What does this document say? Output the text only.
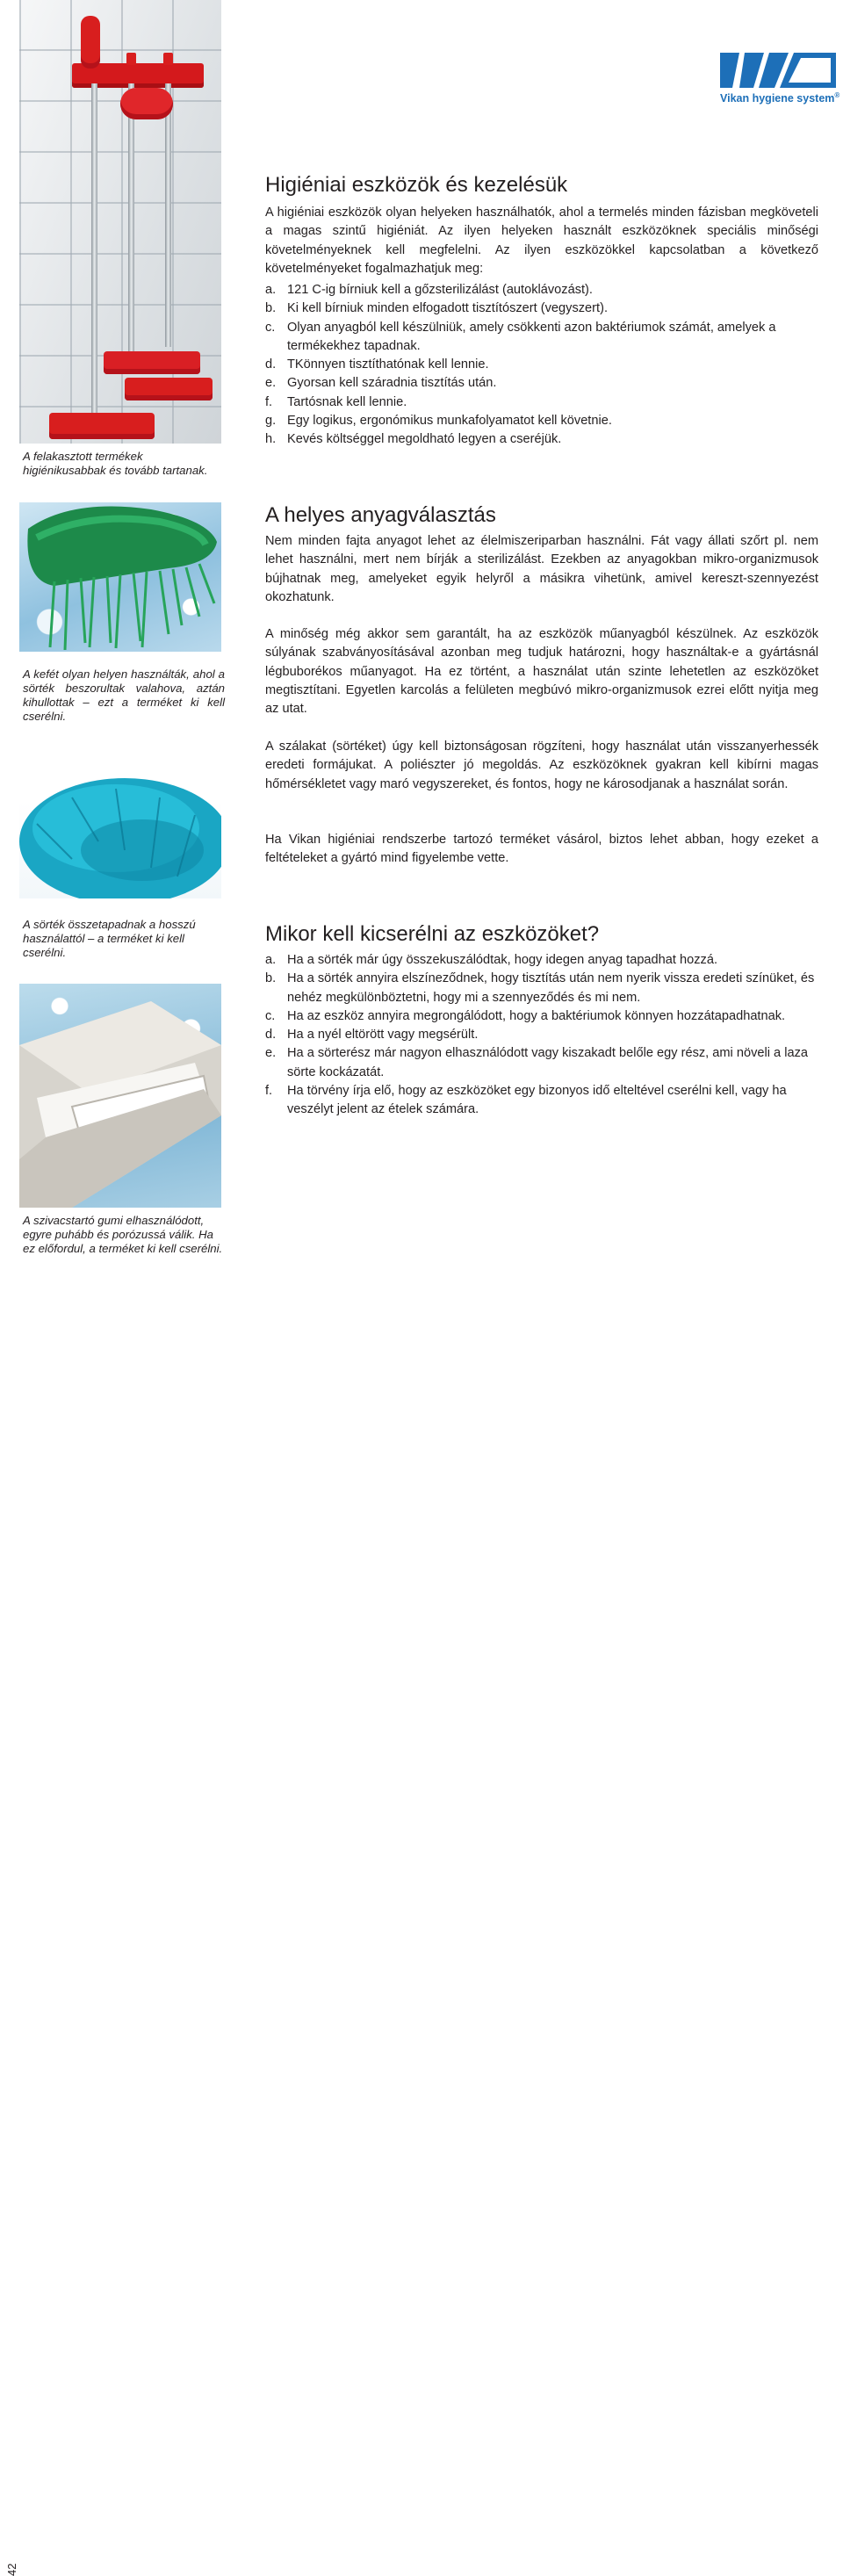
A felakasztott termékek higiénikusabbak és tovább tartanak.
A kefét olyan helyen használták, ahol a sörték beszorultak valahova, aztán kihullottak – ezt a terméket ki kell cserélni.
A sörték összetapadnak a hosszú használattól – a terméket ki kell cserélni.
A szivacstartó gumi elhasználódott, egyre puhább és porózussá válik. Ha ez előfordul, a terméket ki kell cserélni.
Vikan hygiene system®
Higiéniai eszközök és kezelésük
A higiéniai eszközök olyan helyeken használhatók, ahol a termelés minden fázisban megköveteli a magas szintű higiéniát. Az ilyen helyeken használt eszközöknek speciális minőségi követelményeknek kell megfelelni. Az ilyen eszközökkel kapcsolatban a következő követelményeket fogalmazhatjuk meg:
a. 121 C-ig bírniuk kell a gőzsterilizálást (autoklávozást).
b. Ki kell bírniuk minden elfogadott tisztítószert (vegyszert).
c. Olyan anyagból kell készülniük, amely csökkenti azon baktériumok számát, amelyek a termékekhez tapadnak.
d. TKönnyen tisztíthatónak kell lennie.
e. Gyorsan kell száradnia tisztítás után.
f. Tartósnak kell lennie.
g. Egy logikus, ergonómikus munkafolyamatot kell követnie.
h. Kevés költséggel megoldható legyen a cseréjük.
A helyes anyagválasztás
Nem minden fajta anyagot lehet az élelmiszeriparban használni. Fát vagy állati szőrt pl. nem lehet használni, mert nem bírják a sterilizálást. Ezekben az anyagokban mikro-organizmusok bújhatnak meg, amelyeket egyik helyről a másikra vihetünk, amivel kereszt-szennyezést okozhatunk.
A minőség még akkor sem garantált, ha az eszközök műanyagból készülnek. Az eszközök súlyának szabványosításával azonban meg tudjuk határozni, hogy használtak-e a gyártásnál légbuborékos műanyagot. Ha ez történt, a használat után szinte lehetetlen az eszközöket megtisztítani. Egyetlen karcolás a felületen megbúvó mikro-organizmusok ezrei előtt nyitja meg az utat.
A szálakat (sörtéket) úgy kell biztonságosan rögzíteni, hogy használat után visszanyerhessék eredeti formájukat. A poliészter jó megoldás. Az eszközöknek gyakran kell kibírni magas hőmérsékletet vagy maró vegyszereket, és fontos, hogy ne károsodjanak a használat során.
Ha Vikan higiéniai rendszerbe tartozó terméket vásárol, biztos lehet abban, hogy ezeket a feltételeket a gyártó mind figyelembe vette.
Mikor kell kicserélni az eszközöket?
a. Ha a sörték már úgy összekuszálódtak, hogy idegen anyag tapadhat hozzá.
b. Ha a sörték annyira elszíneződnek, hogy tisztítás után nem nyerik vissza eredeti színüket, és nehéz megkülönböztetni, hogy mi a szennyeződés és mi nem.
c. Ha az eszköz annyira megrongálódott, hogy a baktériumok könnyen hozzátapadhatnak.
d. Ha a nyél eltörött vagy megsérült.
e. Ha a sörterész már nagyon elhasználódott vagy kiszakadt belőle egy rész, ami növeli a laza sörte kockázatát.
f. Ha törvény írja elő, hogy az eszközöket egy bizonyos idő elteltével cserélni kell, vagy ha veszélyt jelent az ételek számára.
42
